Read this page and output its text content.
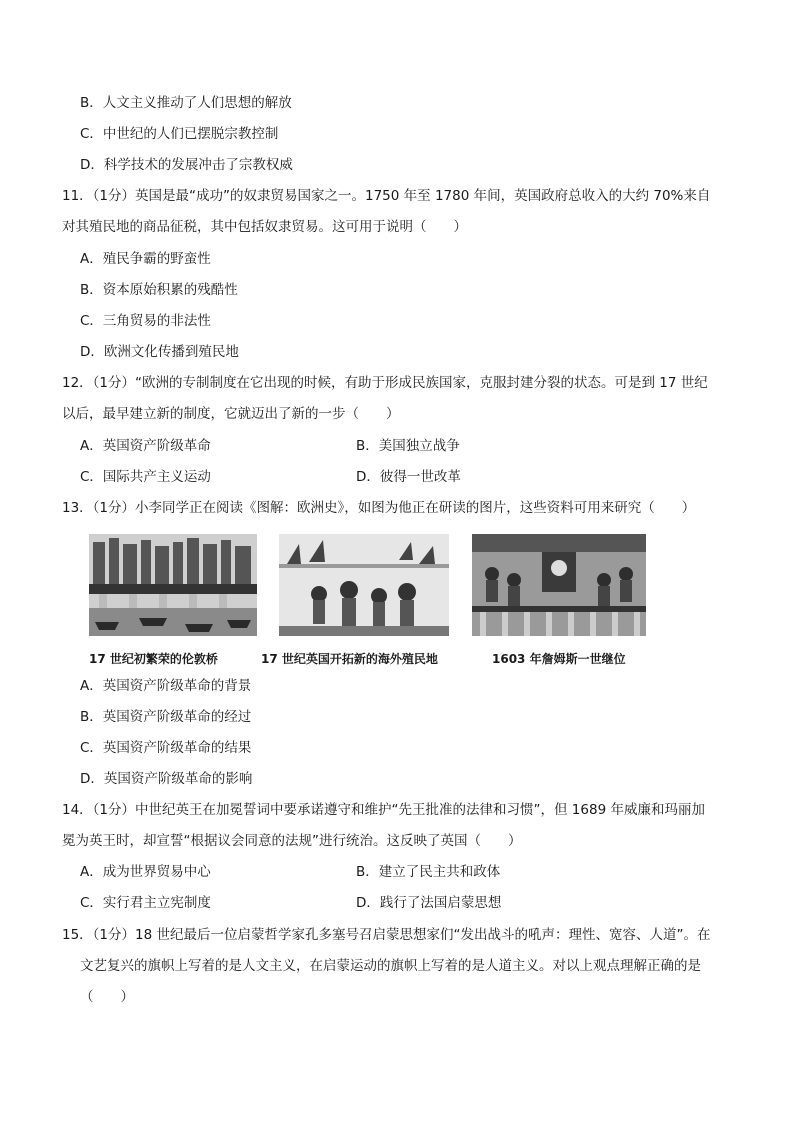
B．人文主义推动了人们思想的解放
C．中世纪的人们已摆脱宗教控制
D．科学技术的发展冲击了宗教权威
11．（1分）英国是最“成功”的奴隶贸易国家之一。1750 年至 1780 年间，英国政府总收入的大约 70%来自
对其殖民地的商品征税，其中包括奴隶贸易。这可用于说明（　　）
A．殖民争霸的野蛮性
B．资本原始积累的残酷性
C．三角贸易的非法性
D．欧洲文化传播到殖民地
12．（1分）“欧洲的专制制度在它出现的时候，有助于形成民族国家，克服封建分裂的状态。可是到 17 世纪
以后，最早建立新的制度，它就迈出了新的一步（　　）
A．英国资产阶级革命	B．美国独立战争
C．国际共产主义运动	D．彼得一世改革
13．（1分）小李同学正在阅读《图解：欧洲史》，如图为他正在研读的图片，这些资料可用来研究（　　）
17 世纪初繁荣的伦敦桥	17 世纪英国开拓新的海外殖民地	1603 年詹姆斯一世继位
A．英国资产阶级革命的背景
B．英国资产阶级革命的经过
C．英国资产阶级革命的结果
D．英国资产阶级革命的影响
14．（1分）中世纪英王在加冕誓词中要承诺遵守和维护“先王批准的法律和习惯”，但 1689 年威廉和玛丽加
冕为英王时，却宣誓“根据议会同意的法规”进行统治。这反映了英国（　　）
A．成为世界贸易中心	B．建立了民主共和政体
C．实行君主立宪制度	D．践行了法国启蒙思想
15．（1分）18 世纪最后一位启蒙哲学家孔多塞号召启蒙思想家们“发出战斗的吼声：理性、宽容、人道”。在
文艺复兴的旗帜上写着的是人文主义，在启蒙运动的旗帜上写着的是人道主义。对以上观点理解正确的是
（　　）
